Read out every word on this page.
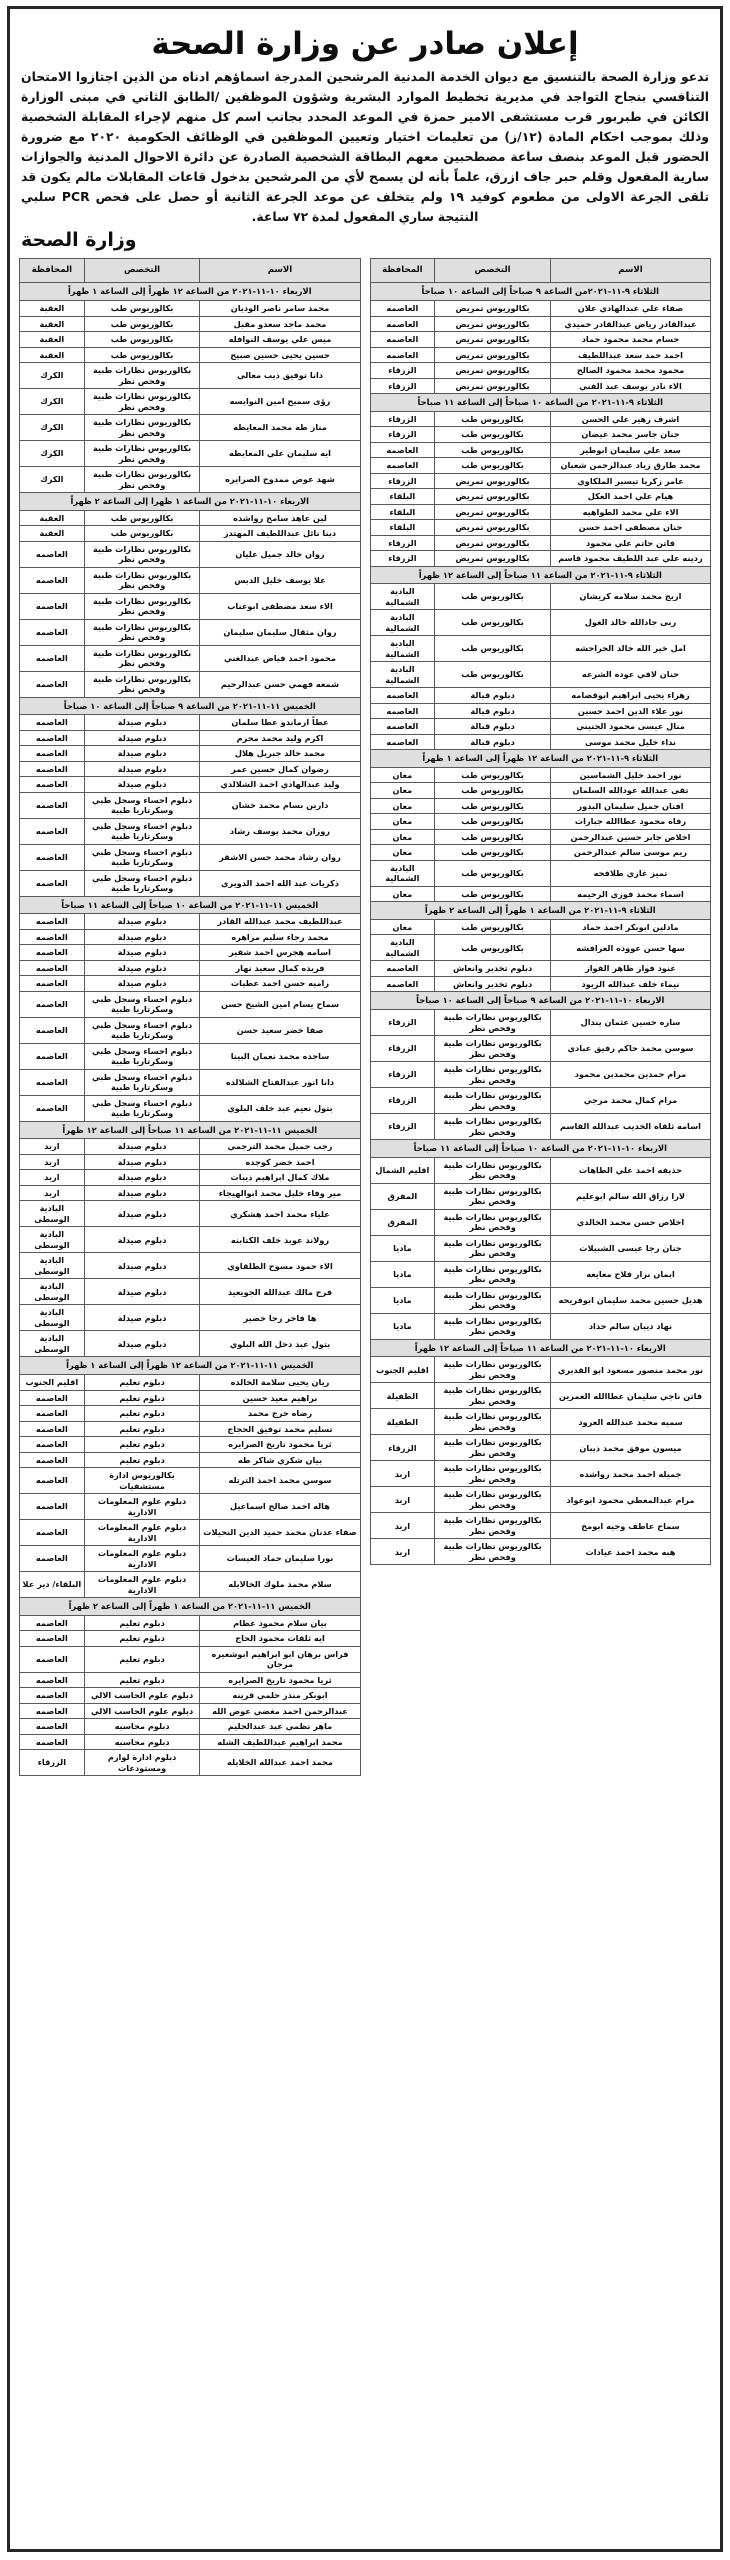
إعلان صادر عن وزارة الصحة
تدعو وزارة الصحة بالتنسيق مع ديوان الخدمة المدنية المرشحين المدرجة اسماؤهم ادناه من الذين اجتازوا الامتحان التنافسي بنجاح التواجد في مديرية تخطيط الموارد البشرية وشؤون الموظفين /الطابق الثاني في مبنى الوزارة الكائن في طبربور قرب مستشفى الامير حمزة في الموعد المحدد بجانب اسم كل منهم لإجراء المقابلة الشخصية وذلك بموجب احكام المادة (١٢/ز) من تعليمات اختيار وتعيين الموظفين في الوظائف الحكومية ٢٠٢٠ مع ضرورة الحضور قبل الموعد بنصف ساعة مصطحبين معهم البطاقة الشخصية الصادرة عن دائرة الاحوال المدنية والجوازات سارية المفعول وقلم حبر جاف ازرق، علماً بأنه لن يسمح لأي من المرشحين بدخول قاعات المقابلات مالم يكون قد تلقى الجرعة الاولى من مطعوم كوفيد ١٩ ولم يتخلف عن موعد الجرعة الثانية أو حصل على فحص PCR سلبي النتيجة ساري المفعول لمدة ٧٢ ساعة.
وزارة الصحة
الاسم	التخصص	المحافظة
الثلاثاء ٩-١١-٢٠٢١من الساعة ٩ صباحاً إلى الساعة ١٠ صباحاً		
صفاء علي عبدالهادي علان	بكالوريوس تمريض	العاصمه
عبدالقادر رياض عبدالقادر حميدي	بكالوريوس تمريض	العاصمه
حسام محمد محمود حماد	بكالوريوس تمريض	العاصمه
احمد حمد سعد عبداللطيف	بكالوريوس تمريض	العاصمه
محمود محمد محمود الصالح	بكالوريوس تمريض	الزرقاء
الاء نادر يوسف عبد الفني	بكالوريوس تمريض	الزرقاء
الثلاثاء ٩-١١-٢٠٢١ من الساعة ١٠ صباحاً إلى الساعة ١١ صباحاً		
اشرف زهير علي الحسن	بكالوريوس طب	الزرقاء
جنان جاسر محمد غيضان	بكالوريوس طب	الزرقاء
سعد علي سليمان ابوطير	بكالوريوس طب	العاصمه
محمد طارق زياد عبدالرحمن شعبان	بكالوريوس طب	العاصمه
عامر زكريا تيسير الملكاوي	بكالوريوس تمريض	الزرقاء
هيام علي احمد العكل	بكالوريوس تمريض	البلقاء
الاء علي محمد الطواهيه	بكالوريوس تمريض	البلقاء
حنان مصطفى احمد حسن	بكالوريوس تمريض	البلقاء
فاتن حاتم علي محمود	بكالوريوس تمريض	الزرقاء
ردينه علي عبد اللطيف محمود قاسم	بكالوريوس تمريض	الزرقاء
الثلاثاء ٩-١١-٢٠٢١ من الساعة ١١ صباحاً إلى الساعة ١٢ ظهراً		
اريج محمد سلامه كريشان	بكالوريوس طب	البادية الشمالية
ربى جادالله خالد الغول	بكالوريوس طب	البادية الشمالية
امل خير الله خالد الحراحشه	بكالوريوس طب	البادية الشمالية
حنان لافي عوده الشرعه	بكالوريوس طب	البادية الشمالية
زهراء يحيى ابراهيم ابوقضامه	دبلوم قبالة	العاصمه
نور علاء الدين احمد حسين	دبلوم قبالة	العاصمه
منال عيسى محمود الحنيني	دبلوم قبالة	العاصمه
نداء خليل محمد موسى	دبلوم قبالة	العاصمه
الثلاثاء ٩-١١-٢٠٢١ من الساعة ١٢ ظهراً إلى الساعة ١ ظهراً		
نور احمد خليل الشماسين	بكالوريوس طب	معان
تقى عبدالله عودالله السلمان	بكالوريوس طب	معان
افنان جميل سليمان البدور	بكالوريوس طب	معان
رفاه محمود عطاالله جبارات	بكالوريوس طب	معان
اخلاص جابر حسين عبدالرحمن	بكالوريوس طب	معان
ريم موسى سالم عبدالرحمن	بكالوريوس طب	معان
تميز غازي طلافحه	بكالوريوس طب	البادية الشمالية
اسماء محمد فوزي الرحيمه	بكالوريوس طب	معان
الثلاثاء ٩-١١-٢٠٢١ من الساعة ١ ظهراً إلى الساعة ٢ ظهراً		
مادلين ابوبكر احمد حماد	بكالوريوس طب	معان
سها حسن عووده العرافشه	بكالوريوس طب	البادية الشمالية
عنود فواز ظاهر الفواز	دبلوم تخدير وانعاش	العاصمه
نيماء خلف عبدالله الزيود	دبلوم تخدير وانعاش	العاصمه
الاربعاء ١٠-١١-٢٠٢١ من الساعة ٩ صباحاً إلى الساعة ١٠ صباحاً		
ساره حسين عثمان يندال	بكالوريوس نظارات طبية وفحص نظر	الزرقاء
سوسن محمد حاكم رفيق عبادي	بكالوريوس نظارات طبية وفحص نظر	الزرقاء
مرام حمدين محمدين محمود	بكالوريوس نظارات طبية وفحص نظر	الزرقاء
مرام كمال محمد مرجي	بكالوريوس نظارات طبية وفحص نظر	الزرقاء
اسامه ثلقاه الخديب عبدالله القاسم	بكالوريوس نظارات طبية وفحص نظر	الزرقاء
الاربعاء ١٠-١١-٢٠٢١ من الساعة ١٠ صباحاً إلى الساعة ١١ صباحاً		
حذيفه احمد علي الطاهات	بكالوريوس نظارات طبية وفحص نظر	اقليم الشمال
لارا رزاق الله سالم ابوعليم	بكالوريوس نظارات طبية وفحص نظر	المفرق
اخلاص حسن محمد الخالدي	بكالوريوس نظارات طبية وفحص نظر	المفرق
جنان رجا عيسى الشبيلات	بكالوريوس نظارات طبية وفحص نظر	ماديا
ايمان نزار فلاح معايعه	بكالوريوس نظارات طبية وفحص نظر	ماديا
هديل حسين محمد سليمان ابوفريحه	بكالوريوس نظارات طبية وفحص نظر	ماديا
نهاد ديبان سالم حداد	بكالوريوس نظارات طبية وفحص نظر	ماديا
الاربعاء ١٠-١١-٢٠٢١ من الساعة ١١ صباحاً إلى الساعة ١٢ ظهراً		
نور محمد منصور مسعود ابو القديري	بكالوريوس نظارات طبية وفحص نظر	اقليم الجنوب
فاتن ناجي سليمان عطاالله العمرين	بكالوريوس نظارات طبية وفحص نظر	الطفيلة
سميه محمد عبدالله العرود	بكالوريوس نظارات طبية وفحص نظر	الطفيلة
ميسون موفق محمد ذيبان	بكالوريوس نظارات طبية وفحص نظر	الزرقاء
جميله احمد محمد رواشده	بكالوريوس نظارات طبية وفحص نظر	اربد
مرام عبدالمعطي محمود ابوعواد	بكالوريوس نظارات طبية وفحص نظر	اربد
سماح عاطف وجيه ابومخ	بكالوريوس نظارات طبية وفحص نظر	اربد
هبه محمد احمد عيادات	بكالوريوس نظارات طبية وفحص نظر	اربد
الاسم	التخصص	المحافظة
الاربعاء ١٠-١١-٢٠٢١ من الساعة ١٢ ظهراً إلى الساعة ١ ظهراً		
محمد سامر ناصر الوديان	بكالوريوس طب	العقبة
محمد ماجد سعدو مقبل	بكالوريوس طب	العقبة
ميس علي يوسف النوافله	بكالوريوس طب	العقبة
حسين يحيى حسين صبيح	بكالوريوس طب	العقبة
دانا توفيق ذيب معالي	بكالوريوس نظارات طبية وفحص نظر	الكرك
رؤى سميح امين النوايسه	بكالوريوس نظارات طبية وفحص نظر	الكرك
منار طه محمد المعايطه	بكالوريوس نظارات طبية وفحص نظر	الكرك
ايه سليمان علي المعايطه	بكالوريوس نظارات طبية وفحص نظر	الكرك
شهد عوض ممدوح الصرايره	بكالوريوس نظارات طبية وفحص نظر	الكرك
الاربعاء ١٠-١١-٢٠٢١ من الساعة ١ ظهرا إلى الساعة ٢ ظهراً		
لين عاهد سامح رواشده	بكالوريوس طب	العقبة
دينا نائل عبداللطيف المهتدز	بكالوريوس طب	العقبة
روان خالد جميل عليان	بكالوريوس نظارات طبية وفحص نظر	العاصمه
علا يوسف خليل الدبس	بكالوريوس نظارات طبية وفحص نظر	العاصمه
الاء سعد مصطفى ابوعناب	بكالوريوس نظارات طبية وفحص نظر	العاصمه
روان مثقال سليمان سليمان	بكالوريوس نظارات طبية وفحص نظر	العاصمه
محمود احمد فياض عبدالغني	بكالوريوس نظارات طبية وفحص نظر	العاصمه
شمعه فهمي حسن عبدالرحيم	بكالوريوس نظارات طبية وفحص نظر	العاصمه
الخميس ١١-١١-٢٠٢١ من الساعة ٩ صباحاً إلى الساعة ١٠ صباحاً		
عطاً ارماندو عطا سلمان	دبلوم صيدلة	العاصمه
اكرم وليد محمد محرم	دبلوم صيدلة	العاصمه
محمد خالد جبريل هلال	دبلوم صيدلة	العاصمه
رضوان كمال حسين عمر	دبلوم صيدلة	العاصمه
وليد عبدالهادي احمد الشلالدي	دبلوم صيدلة	العاصمه
دارين بسام محمد خشان	دبلوم احساء وسجل طبي وسكرتاريا طبية	العاصمه
روزان محمد يوسف رشاد	دبلوم احساء وسجل طبي وسكرتاريا طبية	العاصمه
روان رشاد محمد حسن الاشقر	دبلوم احساء وسجل طبي وسكرتاريا طبية	العاصمه
ذكريات عبد الله احمد الدويري	دبلوم احساء وسجل طبي وسكرتاريا طبية	العاصمه
الخميس ١١-١١-٢٠٢١ من الساعة ١٠ صباحاً إلى الساعة ١١ صباحاً		
عبداللطيف محمد عبدالله القادر	دبلوم صيدلة	العاصمه
محمد رجاء سليم مزاهره	دبلوم صيدلة	العاصمه
اسامه هجرس احمد شقير	دبلوم صيدلة	العاصمه
فريده كمال سعيد نهار	دبلوم صيدلة	العاصمه
راميه حسن احمد عطيات	دبلوم صيدلة	العاصمه
سماح يسام امين الشيخ حسن	دبلوم احساء وسجل طبي وسكرتاريا طبية	العاصمه
صفا خضر سعيد حسن	دبلوم احساء وسجل طبي وسكرتاريا طبية	العاصمه
ساجده محمد نعمان البينا	دبلوم احساء وسجل طبي وسكرتاريا طبية	العاصمه
دانا انور عبدالفتاح الشلالده	دبلوم احساء وسجل طبي وسكرتاريا طبية	العاصمه
بتول نعيم عبد خلف البلوي	دبلوم احساء وسجل طبي وسكرتاريا طبية	العاصمه
الخميس ١١-١١-٢٠٢١ من الساعة ١١ صباحاً إلى الساعة ١٢ ظهراً		
رجب جميل محمد الترجمي	دبلوم صيدلة	اربد
احمد خضر كوجده	دبلوم صيدلة	اربد
ملاك كمال ابراهيم ذيبات	دبلوم صيدلة	اربد
مير وفاء خليل محمد ابوالهيجاء	دبلوم صيدلة	اربد
علياء محمد احمد هشكري	دبلوم صيدلة	البادية الوسطى
رولاند عويد خلف الكتابنه	دبلوم صيدلة	البادية الوسطى
الاء حمود مسوح الطلقاوي	دبلوم صيدلة	البادية الوسطى
فرح مالك عبدالله الجويعيد	دبلوم صيدلة	البادية الوسطى
ها فاخر رجا خضير	دبلوم صيدلة	البادية الوسطى
بتول عبد دخل الله البلوي	دبلوم صيدلة	البادية الوسطى
الخميس ١١-١١-٢٠٢١ من الساعة ١٢ ظهراً إلى الساعة ١ ظهراً		
ريان يحيى سلامة الخالده	دبلوم تعليم	اقليم الجنوب
براهيم معيد حسين	دبلوم تعليم	العاصمه
رضاه حرج محمد	دبلوم تعليم	العاصمه
تسليم محمد توفيق الحجاج	دبلوم تعليم	العاصمه
ثريا محمود تاريخ الصرايره	دبلوم تعليم	العاصمه
بيان شكري شاكر طه	دبلوم تعليم	العاصمه
سوسن محمد احمد الترتله	بكالوريوس ادارة مستشفيات	العاصمه
هاله احمد صالح اسماعيل	دبلوم علوم المعلومات الادارية	العاصمه
صفاء عدنان محمد حميد الدين النحيلات	دبلوم علوم المعلومات الادارية	العاصمه
نورا سليمان حماد العيسات	دبلوم علوم المعلومات الادارية	العاصمه
سلام محمد ملوك الخالايله	دبلوم علوم المعلومات الادارية	البلقاء/ دير علا
الخميس ١١-١١-٢٠٢١ من الساعة ١ ظهراً إلى الساعة ٢ ظهراً		
بيان سلام محمود عظام	دبلوم تعليم	العاصمه
ايه ثلقات محمود الحاج	دبلوم تعليم	العاصمه
فراس برهان ابو ابراهيم ابوشعيره مرجان	دبلوم تعليم	العاصمه
ثريا محمود تاريخ الصرايره	دبلوم تعليم	العاصمه
ابوبكر منذر حلمي قرينه	دبلوم علوم الحاسب الالي	العاصمه
عبدالرحمن احمد مغضي عوض الله	دبلوم علوم الحاسب الالي	العاصمه
ماهر نظمي عبد عبدالحليم	دبلوم محاسبه	العاصمه
محمد ابراهيم عبداللطيف الشله	دبلوم محاسبه	العاصمه
محمد احمد عبدالله الخلايله	دبلوم ادارة لوازم ومستودعات	الزرقاء
